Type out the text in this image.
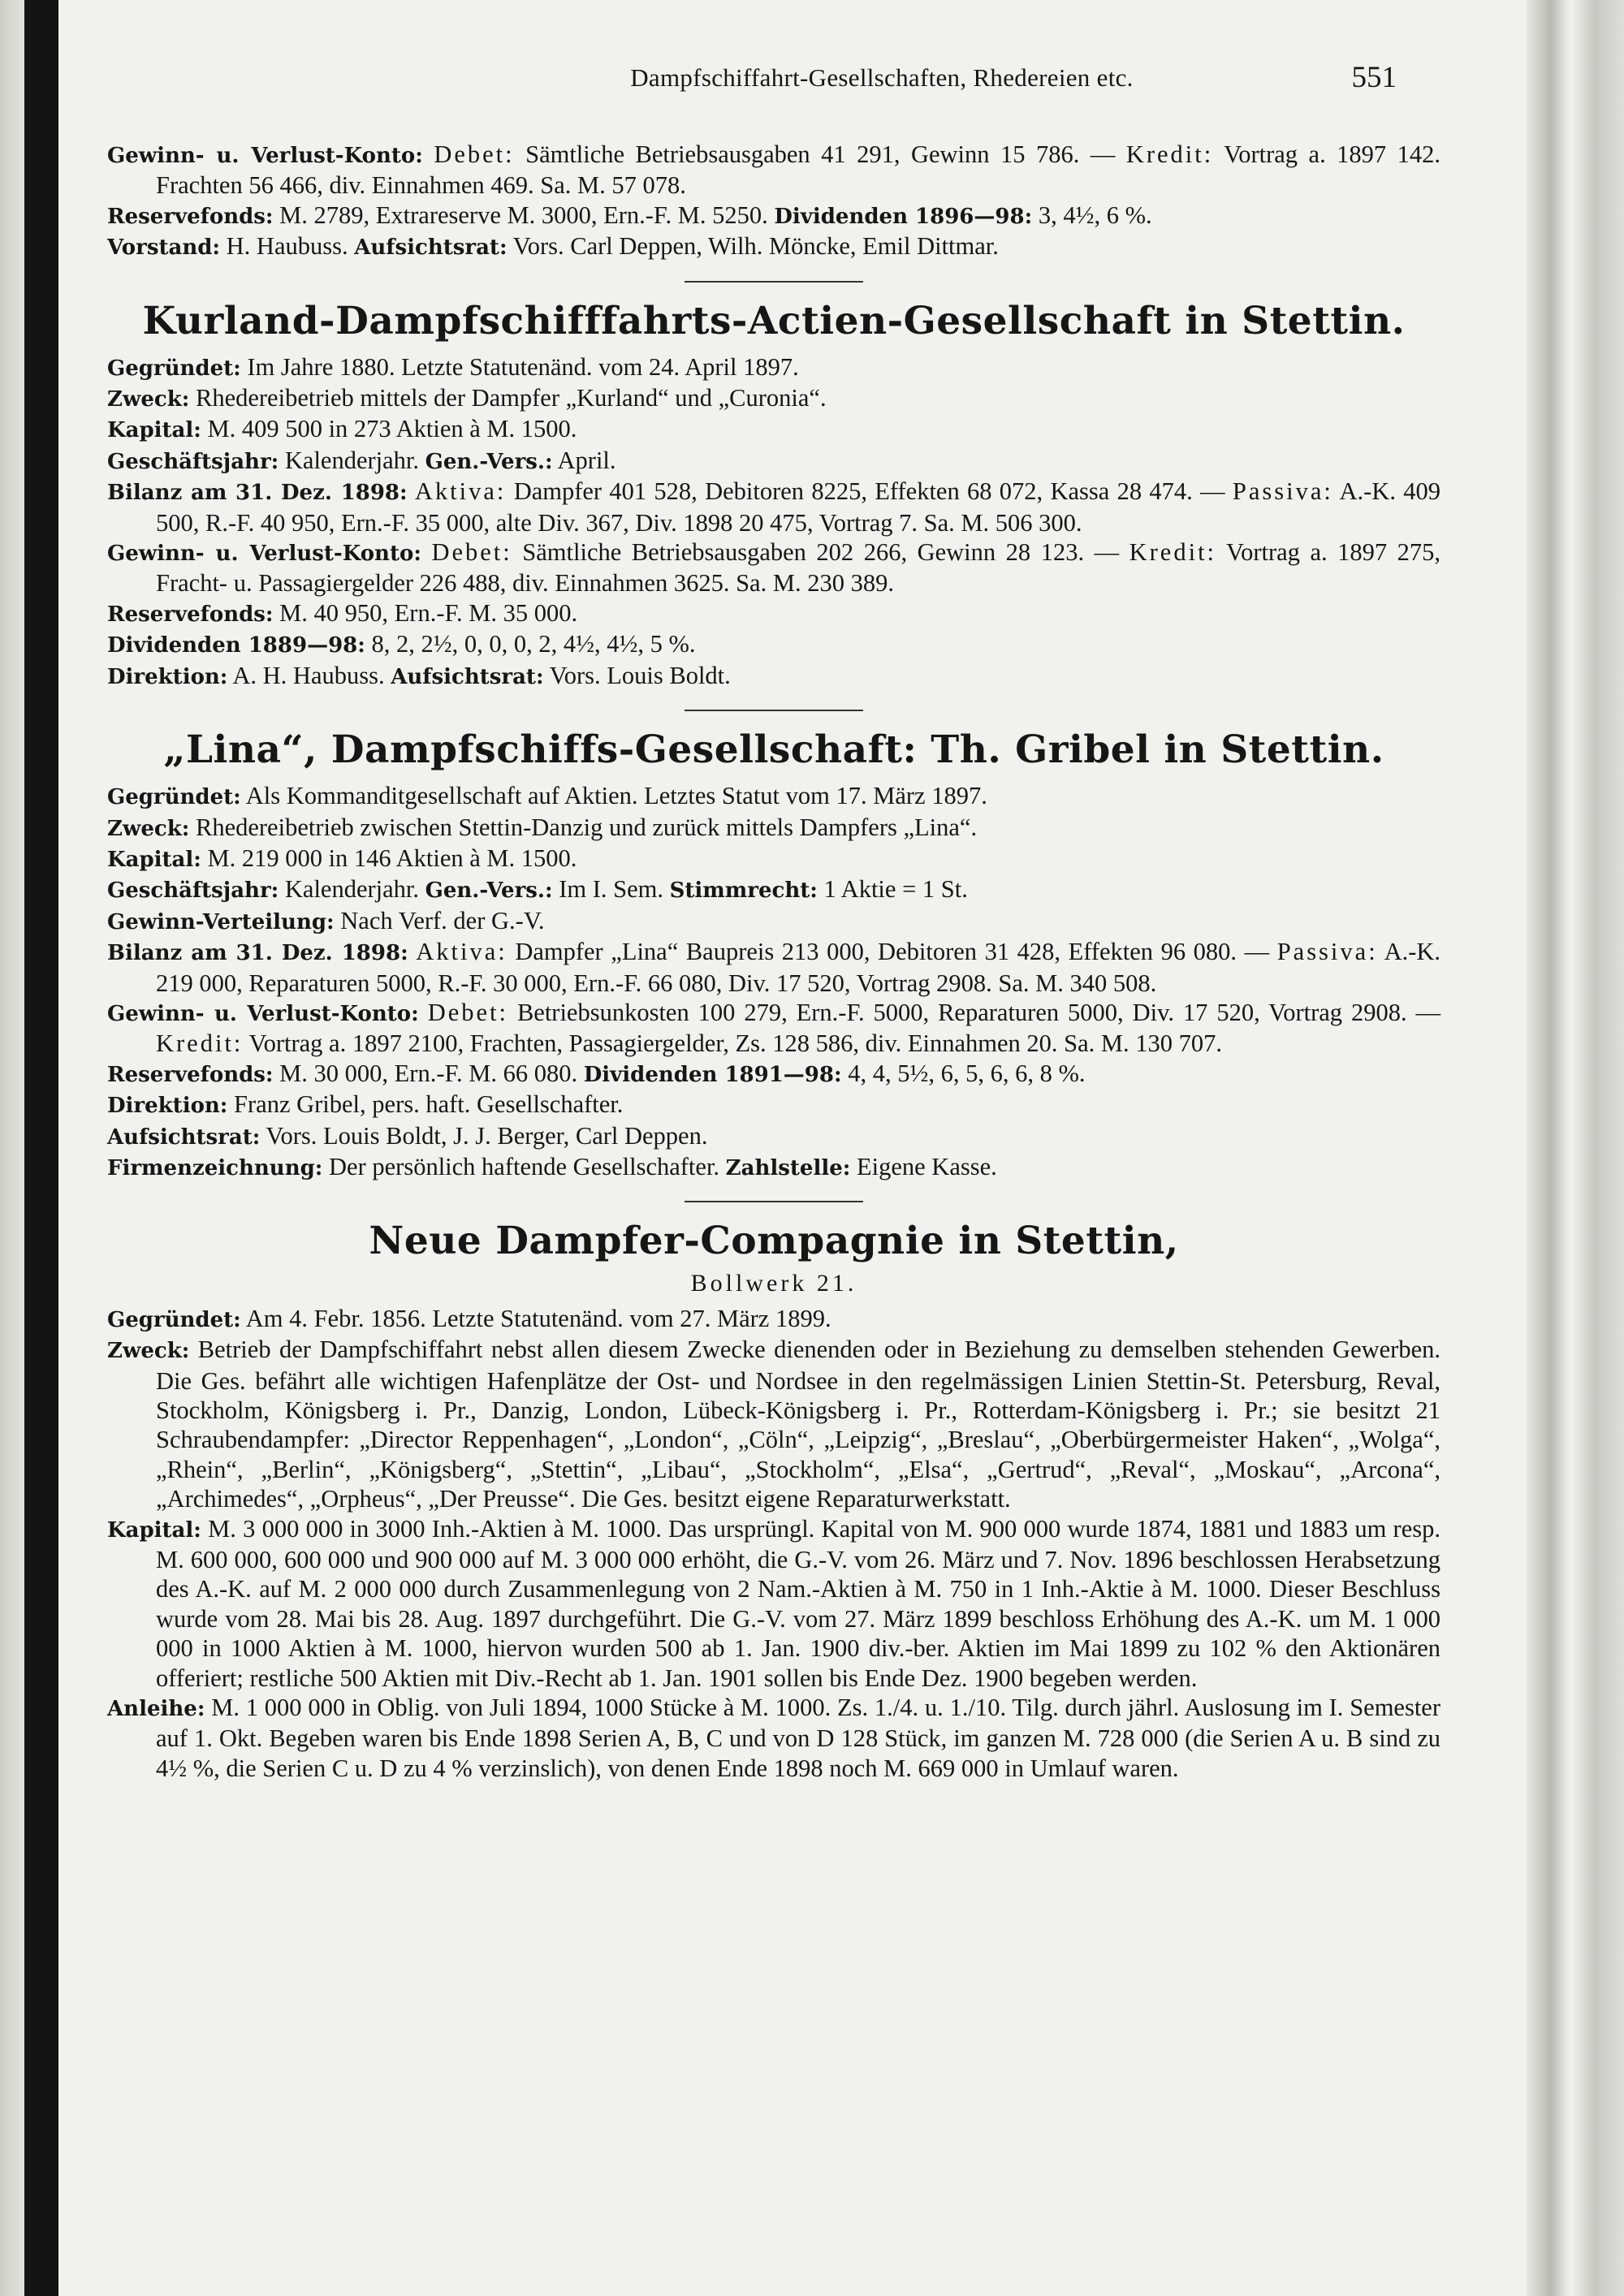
Dampfschiffahrt-Gesellschaften, Rhedereien etc.	551

Gewinn- u. Verlust-Konto: Debet: Sämtliche Betriebsausgaben 41 291, Gewinn 15 786. — Kredit: Vortrag a. 1897 142. Frachten 56 466, div. Einnahmen 469. Sa. M. 57 078.

Reservefonds: M. 2789, Extrareserve M. 3000, Ern.-F. M. 5250. Dividenden 1896—98: 3, 4½, 6 %.

Vorstand: H. Haubuss. Aufsichtsrat: Vors. Carl Deppen, Wilh. Möncke, Emil Dittmar.

Kurland-Dampfschifffahrts-Actien-Gesellschaft in Stettin.

Gegründet: Im Jahre 1880. Letzte Statutenänd. vom 24. April 1897.

Zweck: Rhedereibetrieb mittels der Dampfer „Kurland“ und „Curonia“.

Kapital: M. 409 500 in 273 Aktien à M. 1500.

Geschäftsjahr: Kalenderjahr. Gen.-Vers.: April.

Bilanz am 31. Dez. 1898: Aktiva: Dampfer 401 528, Debitoren 8225, Effekten 68 072, Kassa 28 474. — Passiva: A.-K. 409 500, R.-F. 40 950, Ern.-F. 35 000, alte Div. 367, Div. 1898 20 475, Vortrag 7. Sa. M. 506 300.

Gewinn- u. Verlust-Konto: Debet: Sämtliche Betriebsausgaben 202 266, Gewinn 28 123. — Kredit: Vortrag a. 1897 275, Fracht- u. Passagiergelder 226 488, div. Einnahmen 3625. Sa. M. 230 389.

Reservefonds: M. 40 950, Ern.-F. M. 35 000.

Dividenden 1889—98: 8, 2, 2½, 0, 0, 0, 2, 4½, 4½, 5 %.

Direktion: A. H. Haubuss. Aufsichtsrat: Vors. Louis Boldt.

„Lina“, Dampfschiffs-Gesellschaft: Th. Gribel in Stettin.

Gegründet: Als Kommanditgesellschaft auf Aktien. Letztes Statut vom 17. März 1897.

Zweck: Rhedereibetrieb zwischen Stettin-Danzig und zurück mittels Dampfers „Lina“.

Kapital: M. 219 000 in 146 Aktien à M. 1500.

Geschäftsjahr: Kalenderjahr. Gen.-Vers.: Im I. Sem. Stimmrecht: 1 Aktie = 1 St.

Gewinn-Verteilung: Nach Verf. der G.-V.

Bilanz am 31. Dez. 1898: Aktiva: Dampfer „Lina“ Baupreis 213 000, Debitoren 31 428, Effekten 96 080. — Passiva: A.-K. 219 000, Reparaturen 5000, R.-F. 30 000, Ern.-F. 66 080, Div. 17 520, Vortrag 2908. Sa. M. 340 508.

Gewinn- u. Verlust-Konto: Debet: Betriebsunkosten 100 279, Ern.-F. 5000, Reparaturen 5000, Div. 17 520, Vortrag 2908. — Kredit: Vortrag a. 1897 2100, Frachten, Passagiergelder, Zs. 128 586, div. Einnahmen 20. Sa. M. 130 707.

Reservefonds: M. 30 000, Ern.-F. M. 66 080. Dividenden 1891—98: 4, 4, 5½, 6, 5, 6, 6, 8 %.

Direktion: Franz Gribel, pers. haft. Gesellschafter.

Aufsichtsrat: Vors. Louis Boldt, J. J. Berger, Carl Deppen.

Firmenzeichnung: Der persönlich haftende Gesellschafter. Zahlstelle: Eigene Kasse.

Neue Dampfer-Compagnie in Stettin,
Bollwerk 21.

Gegründet: Am 4. Febr. 1856. Letzte Statutenänd. vom 27. März 1899.

Zweck: Betrieb der Dampfschiffahrt nebst allen diesem Zwecke dienenden oder in Beziehung zu demselben stehenden Gewerben. Die Ges. befährt alle wichtigen Hafenplätze der Ost- und Nordsee in den regelmässigen Linien Stettin-St. Petersburg, Reval, Stockholm, Königsberg i. Pr., Danzig, London, Lübeck-Königsberg i. Pr., Rotterdam-Königsberg i. Pr.; sie besitzt 21 Schraubendampfer: „Director Reppenhagen“, „London“, „Cöln“, „Leipzig“, „Breslau“, „Oberbürgermeister Haken“, „Wolga“, „Rhein“, „Berlin“, „Königsberg“, „Stettin“, „Libau“, „Stockholm“, „Elsa“, „Gertrud“, „Reval“, „Moskau“, „Arcona“, „Archimedes“, „Orpheus“, „Der Preusse“. Die Ges. besitzt eigene Reparaturwerkstatt.

Kapital: M. 3 000 000 in 3000 Inh.-Aktien à M. 1000. Das ursprüngl. Kapital von M. 900 000 wurde 1874, 1881 und 1883 um resp. M. 600 000, 600 000 und 900 000 auf M. 3 000 000 erhöht, die G.-V. vom 26. März und 7. Nov. 1896 beschlossen Herabsetzung des A.-K. auf M. 2 000 000 durch Zusammenlegung von 2 Nam.-Aktien à M. 750 in 1 Inh.-Aktie à M. 1000. Dieser Beschluss wurde vom 28. Mai bis 28. Aug. 1897 durchgeführt. Die G.-V. vom 27. März 1899 beschloss Erhöhung des A.-K. um M. 1 000 000 in 1000 Aktien à M. 1000, hiervon wurden 500 ab 1. Jan. 1900 div.-ber. Aktien im Mai 1899 zu 102 % den Aktionären offeriert; restliche 500 Aktien mit Div.-Recht ab 1. Jan. 1901 sollen bis Ende Dez. 1900 begeben werden.

Anleihe: M. 1 000 000 in Oblig. von Juli 1894, 1000 Stücke à M. 1000. Zs. 1./4. u. 1./10. Tilg. durch jährl. Auslosung im I. Semester auf 1. Okt. Begeben waren bis Ende 1898 Serien A, B, C und von D 128 Stück, im ganzen M. 728 000 (die Serien A u. B sind zu 4½ %, die Serien C u. D zu 4 % verzinslich), von denen Ende 1898 noch M. 669 000 in Umlauf waren.
